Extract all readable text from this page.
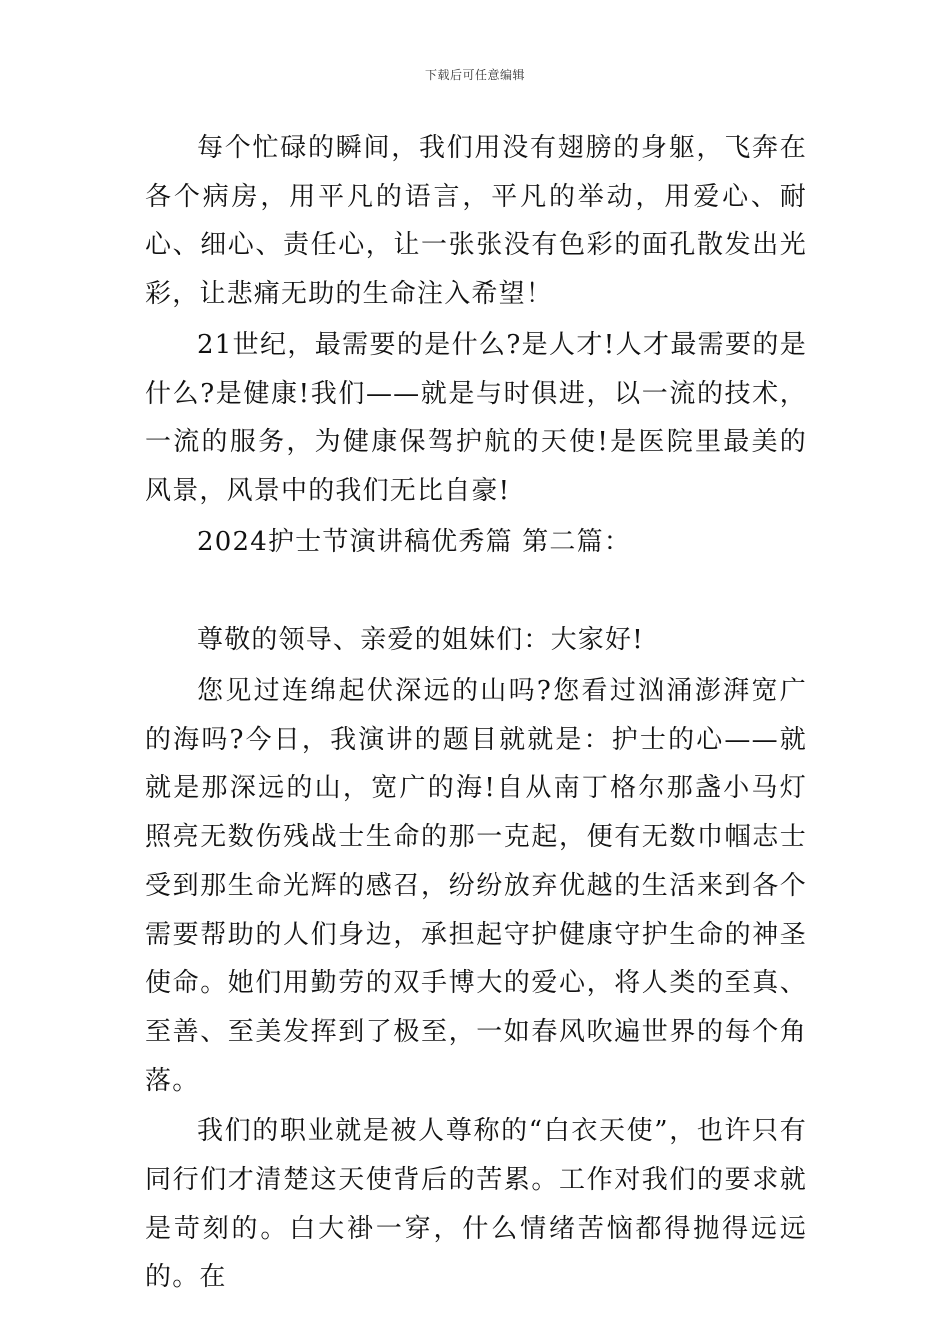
下载后可任意编辑

每个忙碌的瞬间，我们用没有翅膀的身躯，飞奔在各个病房，用平凡的语言，平凡的举动，用爱心、耐心、细心、责任心，让一张张没有色彩的面孔散发出光彩，让悲痛无助的生命注入希望！

21世纪，最需要的是什么?是人才!人才最需要的是什么?是健康!我们——就是与时俱进，以一流的技术，一流的服务，为健康保驾护航的天使!是医院里最美的风景，风景中的我们无比自豪!

2024护士节演讲稿优秀篇 第二篇：

尊敬的领导、亲爱的姐妹们：大家好!

您见过连绵起伏深远的山吗?您看过汹涌澎湃宽广的海吗?今日，我演讲的题目就就是：护士的心——就就是那深远的山，宽广的海!自从南丁格尔那盏小马灯照亮无数伤残战士生命的那一克起，便有无数巾帼志士受到那生命光辉的感召，纷纷放弃优越的生活来到各个需要帮助的人们身边，承担起守护健康守护生命的神圣使命。她们用勤劳的双手博大的爱心，将人类的至真、至善、至美发挥到了极至，一如春风吹遍世界的每个角落。

我们的职业就是被人尊称的“白衣天使”，也许只有同行们才清楚这天使背后的苦累。工作对我们的要求就是苛刻的。白大褂一穿，什么情绪苦恼都得抛得远远的。在
